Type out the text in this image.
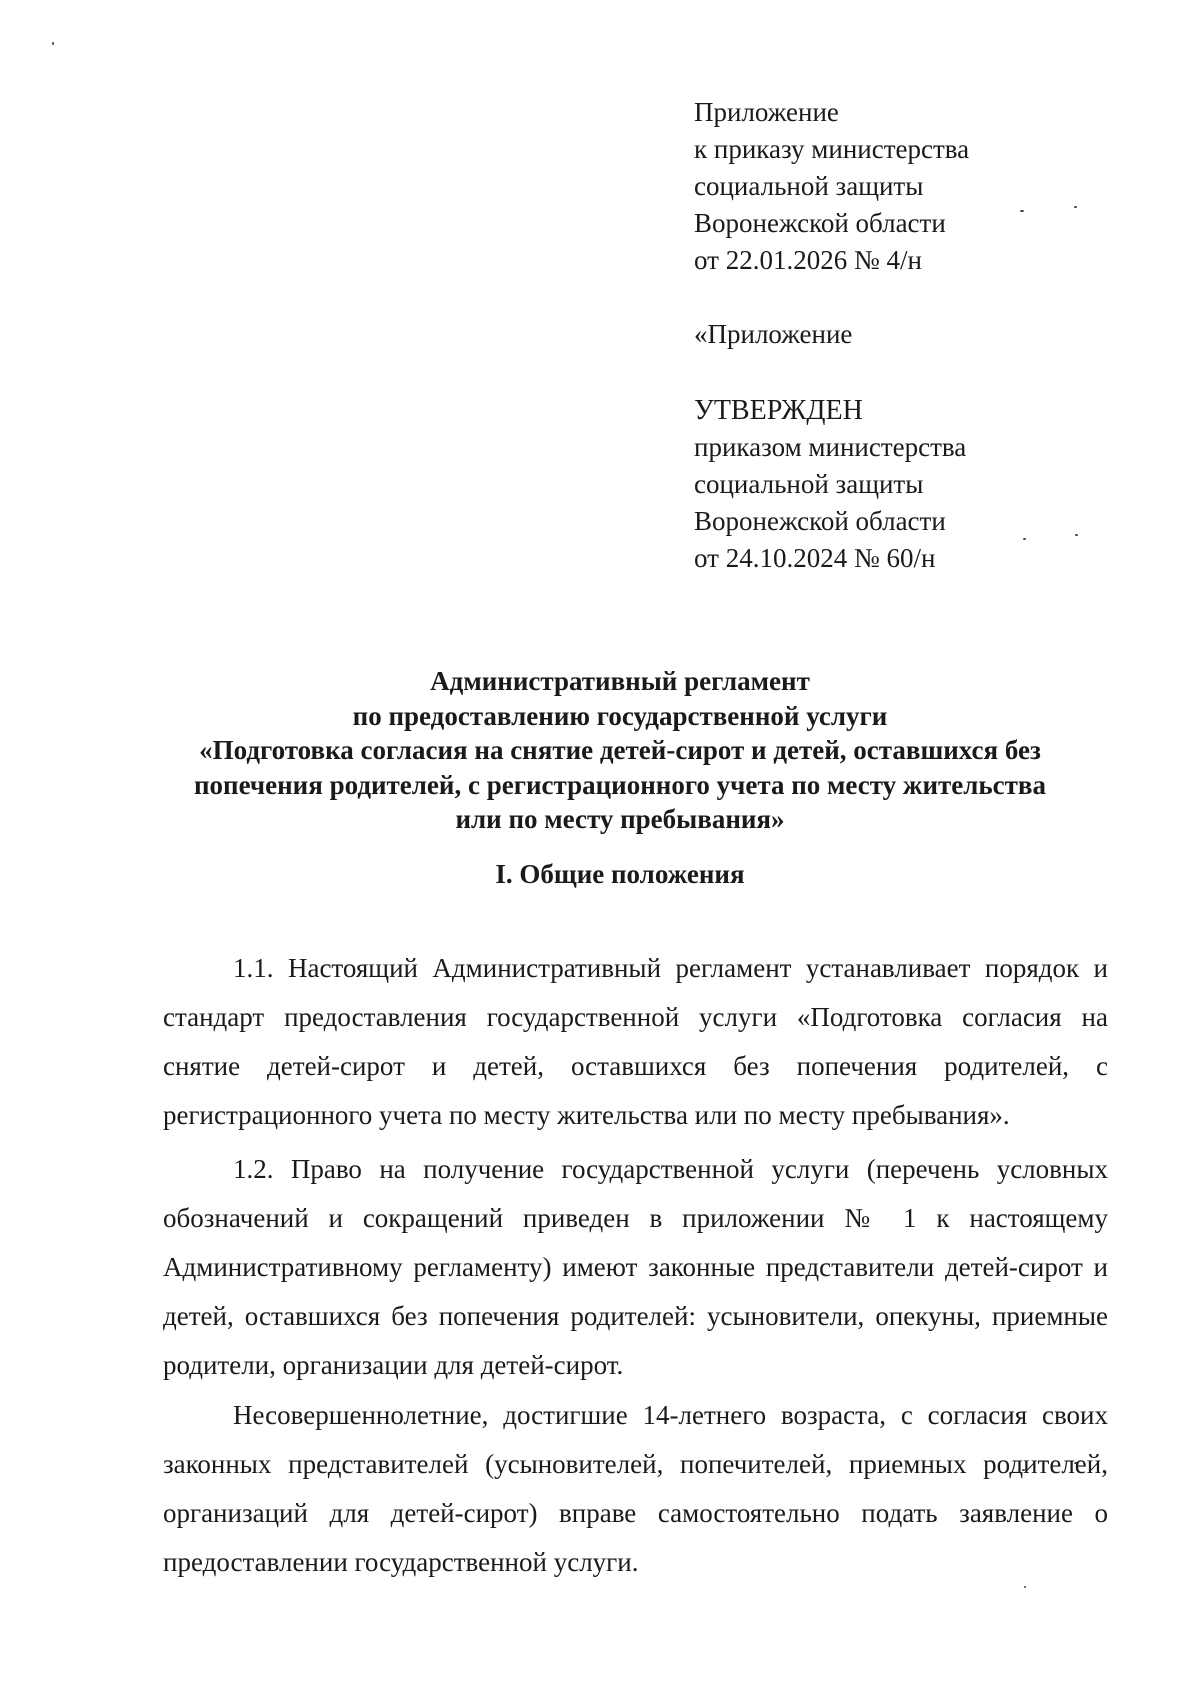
Приложение
к приказу министерства
социальной защиты
Воронежской области
от 22.01.2026 № 4/н
«Приложение
УТВЕРЖДЕН
приказом министерства
социальной защиты
Воронежской области
от 24.10.2024 № 60/н
Административный регламент
по предоставлению государственной услуги
«Подготовка согласия на снятие детей-сирот и детей, оставшихся без
попечения родителей, с регистрационного учета по месту жительства
или по месту пребывания»
I. Общие положения

1.1. Настоящий Административный регламент устанавливает порядок и стандарт предоставления государственной услуги «Подготовка согласия на снятие детей-сирот и детей, оставшихся без попечения родителей, с регистрационного учета по месту жительства или по месту пребывания».

1.2. Право на получение государственной услуги (перечень условных обозначений и сокращений приведен в приложении № 1 к настоящему Административному регламенту) имеют законные представители детей-сирот и детей, оставшихся без попечения родителей: усыновители, опекуны, приемные родители, организации для детей-сирот.

Несовершеннолетние, достигшие 14-летнего возраста, с согласия своих законных представителей (усыновителей, попечителей, приемных родителей, организаций для детей-сирот) вправе самостоятельно подать заявление о предоставлении государственной услуги.
